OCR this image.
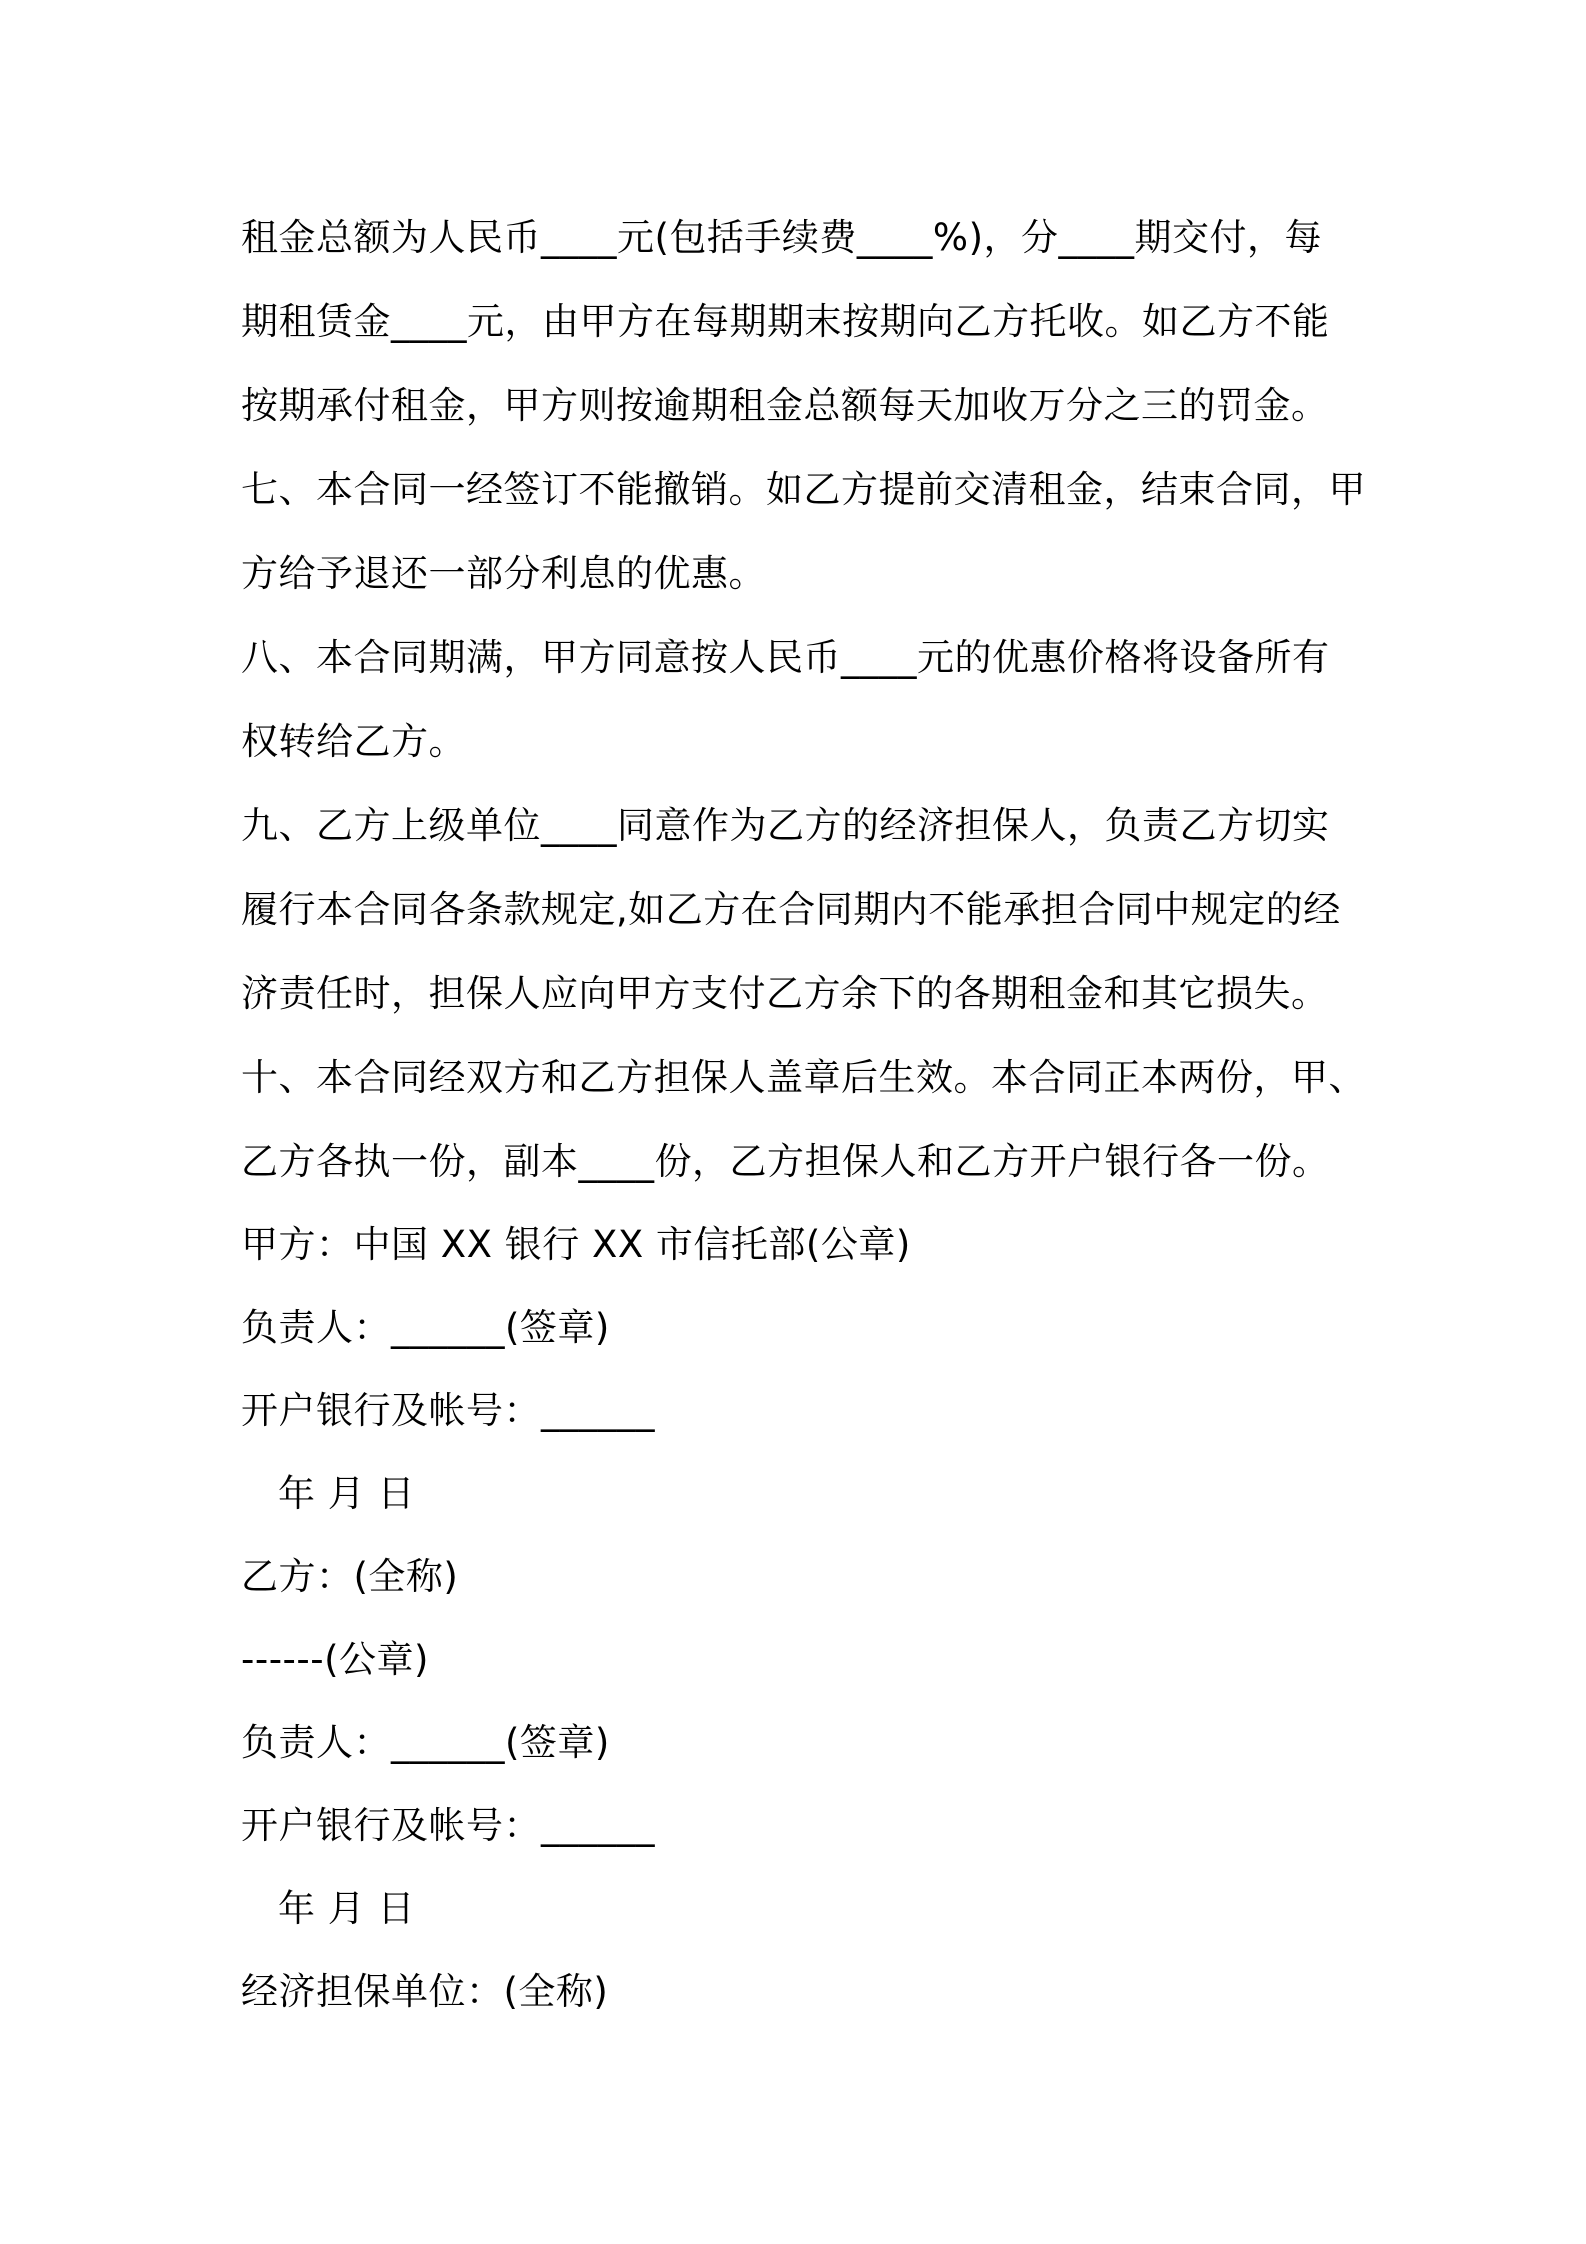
租金总额为人民币____元(包括手续费____%)，分____期交付，每
期租赁金____元，由甲方在每期期末按期向乙方托收。如乙方不能
按期承付租金，甲方则按逾期租金总额每天加收万分之三的罚金。
七、本合同一经签订不能撤销。如乙方提前交清租金，结束合同，甲
方给予退还一部分利息的优惠。
八、本合同期满，甲方同意按人民币____元的优惠价格将设备所有
权转给乙方。
九、乙方上级单位____同意作为乙方的经济担保人，负责乙方切实
履行本合同各条款规定,如乙方在合同期内不能承担合同中规定的经
济责任时，担保人应向甲方支付乙方余下的各期租金和其它损失。
十、本合同经双方和乙方担保人盖章后生效。本合同正本两份，甲、
乙方各执一份，副本____份，乙方担保人和乙方开户银行各一份。
甲方：中国 XX 银行 XX 市信托部(公章)
负责人：______(签章)
开户银行及帐号：______
年 月 日
乙方：(全称)
------(公章)
负责人：______(签章)
开户银行及帐号：______
年 月 日
经济担保单位：(全称)
